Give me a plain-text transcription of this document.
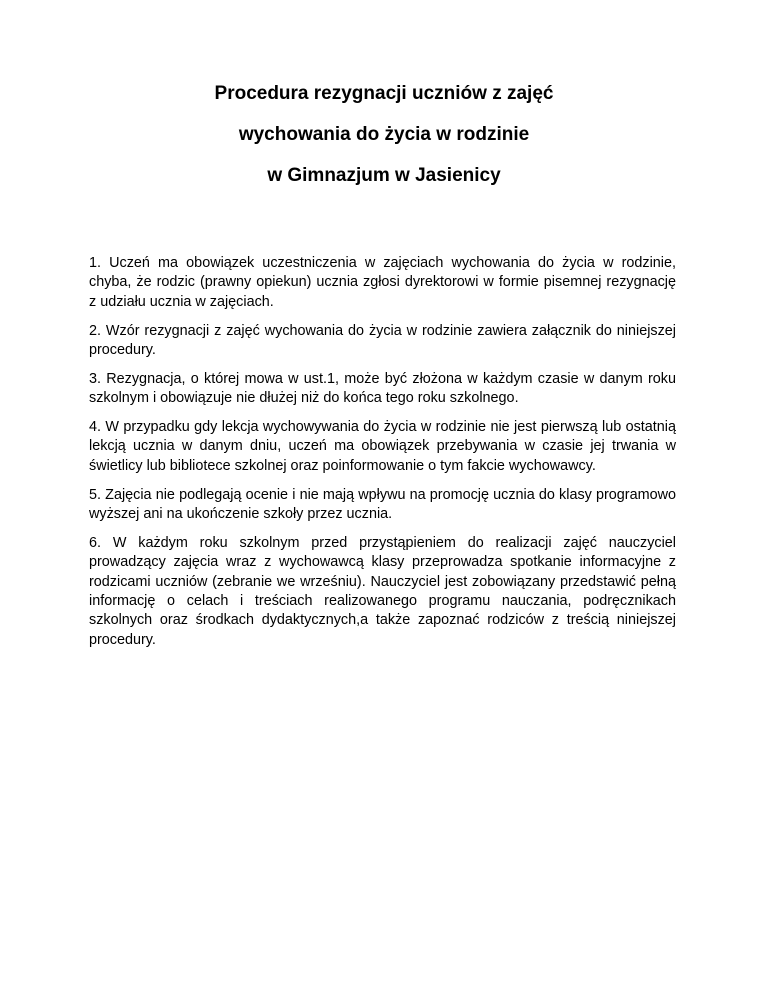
Procedura rezygnacji uczniów z zajęć

wychowania do życia w rodzinie

w Gimnazjum w Jasienicy

1. Uczeń ma obowiązek uczestniczenia w zajęciach wychowania do życia w rodzinie, chyba, że rodzic (prawny opiekun) ucznia zgłosi dyrektorowi w formie pisemnej rezygnację z udziału ucznia w zajęciach.

2. Wzór rezygnacji z zajęć wychowania do życia w rodzinie zawiera załącznik do niniejszej procedury.

3. Rezygnacja, o której mowa w ust.1, może być złożona w każdym czasie w danym roku szkolnym i obowiązuje nie dłużej niż do końca tego roku szkolnego.

4. W przypadku gdy lekcja wychowywania do życia w rodzinie nie jest pierwszą lub ostatnią lekcją ucznia w danym dniu, uczeń ma obowiązek przebywania w czasie jej trwania w świetlicy lub bibliotece szkolnej oraz poinformowanie o tym fakcie wychowawcy.

5. Zajęcia nie podlegają ocenie i nie mają wpływu na promocję ucznia do klasy programowo wyższej ani na ukończenie szkoły przez ucznia.

6. W każdym roku szkolnym przed przystąpieniem do realizacji zajęć nauczyciel prowadzący zajęcia wraz z wychowawcą klasy przeprowadza spotkanie informacyjne z rodzicami uczniów (zebranie we wrześniu). Nauczyciel jest zobowiązany przedstawić pełną informację o celach i treściach realizowanego programu nauczania, podręcznikach szkolnych oraz środkach dydaktycznych,a także zapoznać rodziców z treścią niniejszej procedury.
